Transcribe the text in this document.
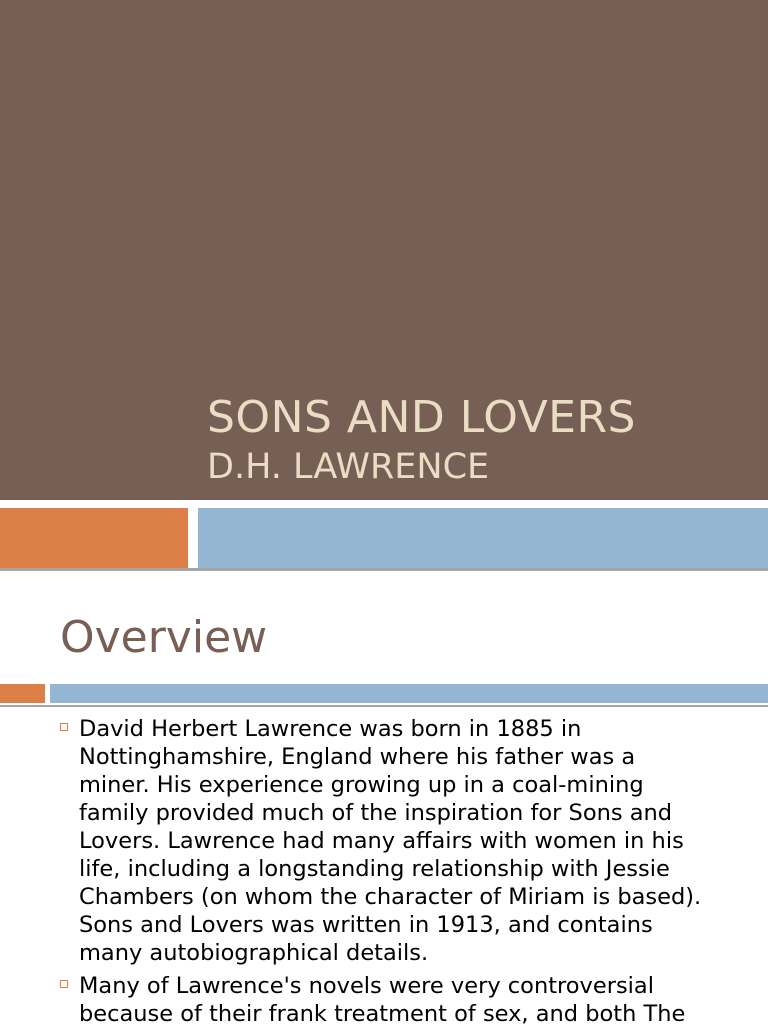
SONS AND LOVERS
D.H. LAWRENCE
Overview
David Herbert Lawrence was born in 1885 in
Nottinghamshire, England where his father was a
miner. His experience growing up in a coal-mining
family provided much of the inspiration for Sons and
Lovers. Lawrence had many affairs with women in his
life, including a longstanding relationship with Jessie
Chambers (on whom the character of Miriam is based).
Sons and Lovers was written in 1913, and contains
many autobiographical details.
Many of Lawrence's novels were very controversial
because of their frank treatment of sex, and both The
